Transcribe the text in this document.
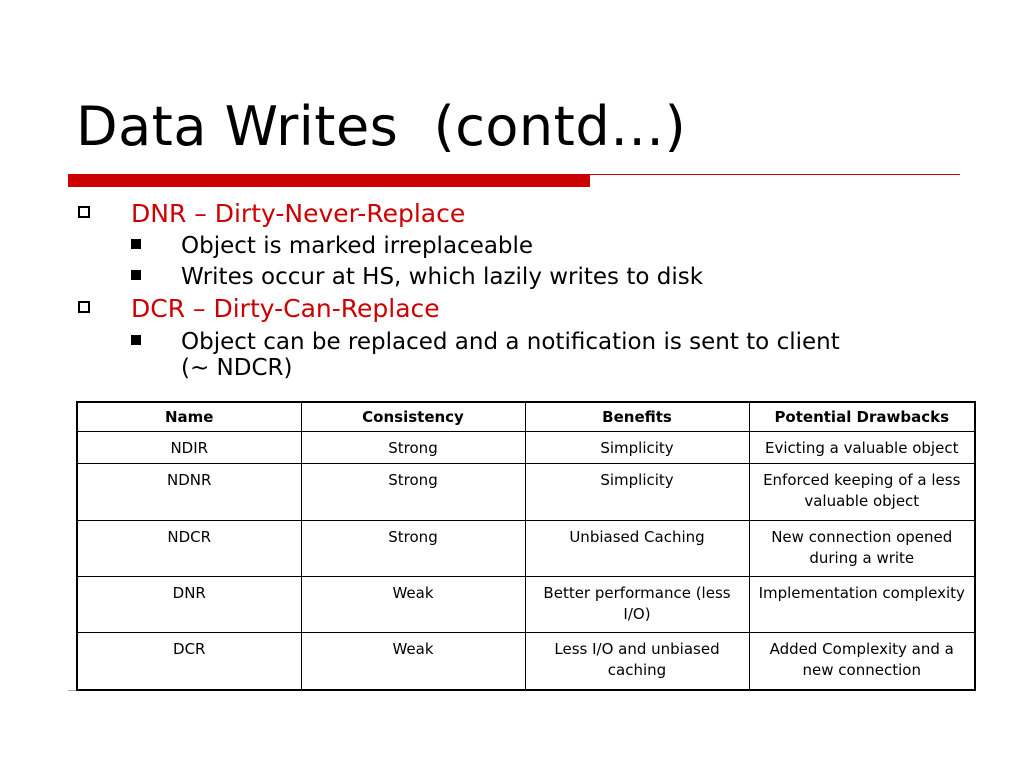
Data Writes  (contd…)
DNR – Dirty-Never-Replace
Object is marked irreplaceable
Writes occur at HS, which lazily writes to disk
DCR – Dirty-Can-Replace
Object can be replaced and a notification is sent to client (~ NDCR)
Name	Consistency	Benefits	Potential Drawbacks
NDIR	Strong	Simplicity	Evicting a valuable object
NDNR	Strong	Simplicity	Enforced keeping of a less valuable object
NDCR	Strong	Unbiased Caching	New connection opened during a write
DNR	Weak	Better performance (less I/O)	Implementation complexity
DCR	Weak	Less I/O and unbiased caching	Added Complexity and a new connection
